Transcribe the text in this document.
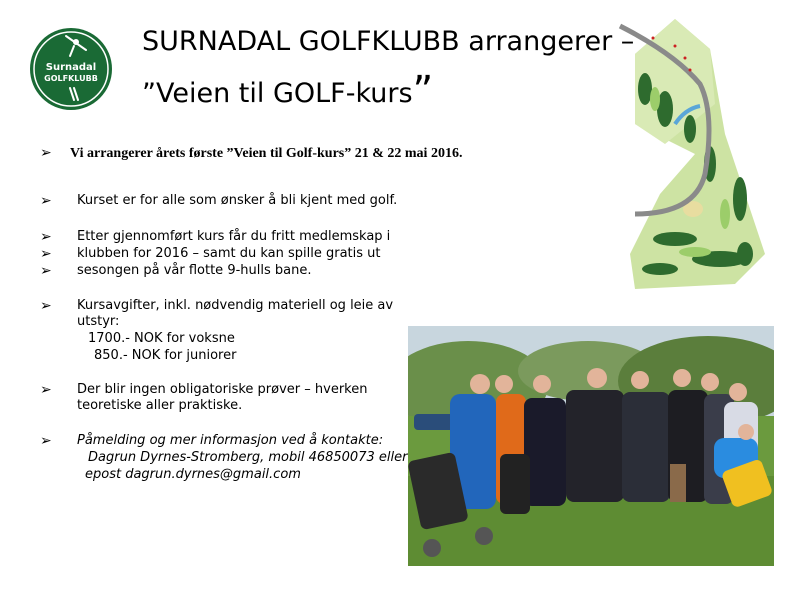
Surnadal
GOLFKLUBB
SURNADAL GOLFKLUBB arrangerer –
”Veien til GOLF-kurs”
➢ Vi arrangerer årets første ”Veien til Golf-kurs” 21 & 22 mai 2016.
➢ Kurset er for alle som ønsker å bli kjent med golf.
➢ Etter gjennomført kurs får du fritt medlemskap i
➢ klubben for 2016 – samt du kan spille gratis ut
➢ sesongen på vår flotte 9-hulls bane.
➢ Kursavgifter, inkl. nødvendig materiell og leie av
utstyr:
1700.- NOK for voksne
850.- NOK for juniorer
➢ Der blir ingen obligatoriske prøver – hverken
teoretiske aller praktiske.
➢ Påmelding og mer informasjon ved å kontakte:
Dagrun Dyrnes-Stromberg, mobil 46850073 eller
epost dagrun.dyrnes@gmail.com
